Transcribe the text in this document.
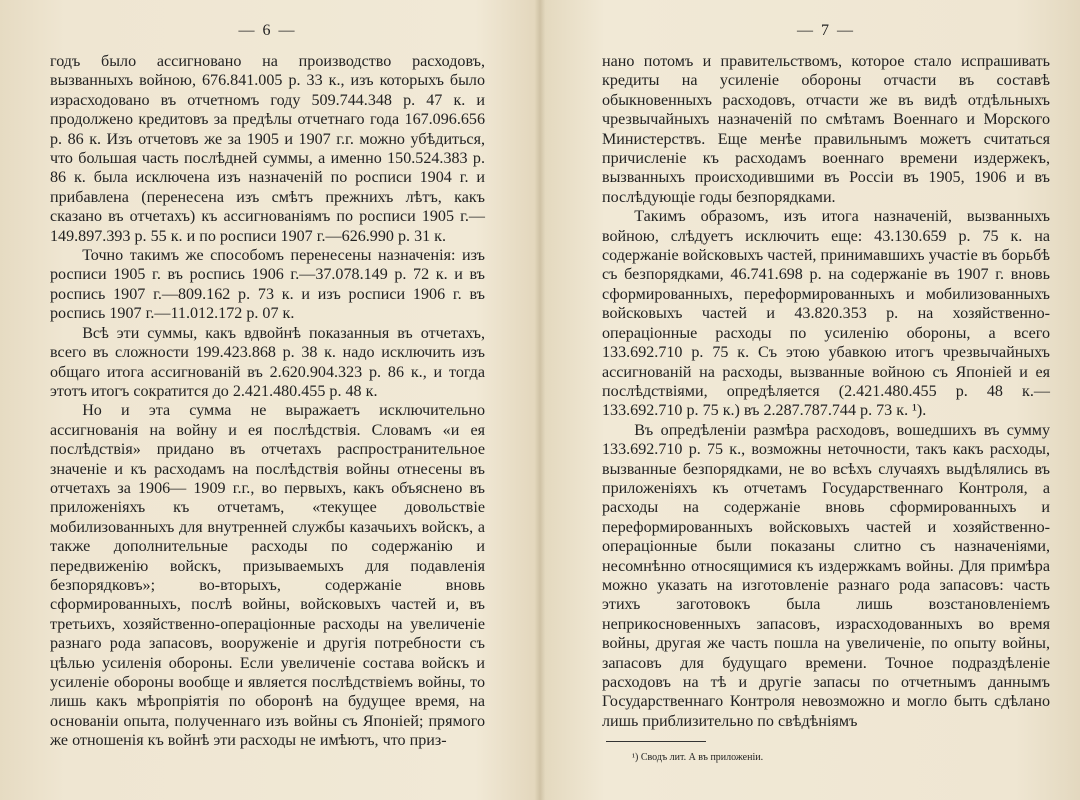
— 6 —

годъ было ассигновано на производство расходовъ, вызванныхъ войною, 676.841.005 р. 33 к., изъ которыхъ было израсходовано въ отчетномъ году 509.744.348 р. 47 к. и продолжено кредитовъ за предѣлы отчетнаго года 167.096.656 р. 86 к. Изъ отчетовъ же за 1905 и 1907 г.г. можно убѣдиться, что большая часть послѣдней суммы, а именно 150.524.383 р. 86 к. была исключена изъ назначеній по росписи 1904 г. и прибавлена (перенесена изъ смѣтъ прежнихъ лѣтъ, какъ сказано въ отчетахъ) къ ассигнованіямъ по росписи 1905 г.— 149.897.393 р. 55 к. и по росписи 1907 г.—626.990 р. 31 к.

Точно такимъ же способомъ перенесены назначенія: изъ росписи 1905 г. въ роспись 1906 г.—37.078.149 р. 72 к. и въ роспись 1907 г.—809.162 р. 73 к. и изъ росписи 1906 г. въ роспись 1907 г.—11.012.172 р. 07 к.

Всѣ эти суммы, какъ вдвойнѣ показанныя въ отчетахъ, всего въ сложности 199.423.868 р. 38 к. надо исключить изъ общаго итога ассигнованій въ 2.620.904.323 р. 86 к., и тогда этотъ итогъ сократится до 2.421.480.455 р. 48 к.

Но и эта сумма не выражаетъ исключительно ассигнованія на войну и ея послѣдствія. Словамъ «и ея послѣдствія» придано въ отчетахъ распространительное значеніе и къ расходамъ на послѣдствія войны отнесены въ отчетахъ за 1906— 1909 г.г., во первыхъ, какъ объяснено въ приложеніяхъ къ отчетамъ, «текущее довольствіе мобилизованныхъ для внутренней службы казачьихъ войскъ, а также дополнительные расходы по содержанію и передвиженію войскъ, призываемыхъ для подавленія безпорядковъ»; во-вторыхъ, содержаніе вновь сформированныхъ, послѣ войны, войсковыхъ частей и, въ третьихъ, хозяйственно-операціонные расходы на увеличеніе разнаго рода запасовъ, вооруженіе и другія потребности съ цѣлью усиленія обороны. Если увеличеніе состава войскъ и усиленіе обороны вообще и является послѣдствіемъ войны, то лишь какъ мѣропріятія по оборонѣ на будущее время, на основаніи опыта, полученнаго изъ войны съ Японіей; прямого же отношенія къ войнѣ эти расходы не имѣютъ, что приз-

— 7 —

нано потомъ и правительствомъ, которое стало испрашивать кредиты на усиленіе обороны отчасти въ составѣ обыкновенныхъ расходовъ, отчасти же въ видѣ отдѣльныхъ чрезвычайныхъ назначеній по смѣтамъ Военнаго и Морского Министерствъ. Еще менѣе правильнымъ можетъ считаться причисленіе къ расходамъ военнаго времени издержекъ, вызванныхъ происходившими въ Россіи въ 1905, 1906 и въ послѣдующіе годы безпорядками.

Такимъ образомъ, изъ итога назначеній, вызванныхъ войною, слѣдуетъ исключить еще: 43.130.659 р. 75 к. на содержаніе войсковыхъ частей, принимавшихъ участіе въ борьбѣ съ безпорядками, 46.741.698 р. на содержаніе въ 1907 г. вновь сформированныхъ, переформированныхъ и мобилизованныхъ войсковыхъ частей и 43.820.353 р. на хозяйственно-операціонные расходы по усиленію обороны, а всего 133.692.710 р. 75 к. Съ этою убавкою итогъ чрезвычайныхъ ассигнованій на расходы, вызванные войною съ Японіей и ея послѣдствіями, опредѣляется (2.421.480.455 р. 48 к.— 133.692.710 р. 75 к.) въ 2.287.787.744 р. 73 к. ¹).

Въ опредѣленіи размѣра расходовъ, вошедшихъ въ сумму 133.692.710 р. 75 к., возможны неточности, такъ какъ расходы, вызванные безпорядками, не во всѣхъ случаяхъ выдѣлялись въ приложеніяхъ къ отчетамъ Государственнаго Контроля, а расходы на содержаніе вновь сформированныхъ и переформированныхъ войсковыхъ частей и хозяйственно-операціонные были показаны слитно съ назначеніями, несомнѣнно относящимися къ издержкамъ войны. Для примѣра можно указать на изготовленіе разнаго рода запасовъ: часть этихъ заготовокъ была лишь возстановленіемъ неприкосновенныхъ запасовъ, израсходованныхъ во время войны, другая же часть пошла на увеличеніе, по опыту войны, запасовъ для будущаго времени. Точное подраздѣленіе расходовъ на тѣ и другіе запасы по отчетнымъ даннымъ Государственнаго Контроля невозможно и могло быть сдѣлано лишь приблизительно по свѣдѣніямъ

¹) Сводъ лит. А въ приложеніи.
